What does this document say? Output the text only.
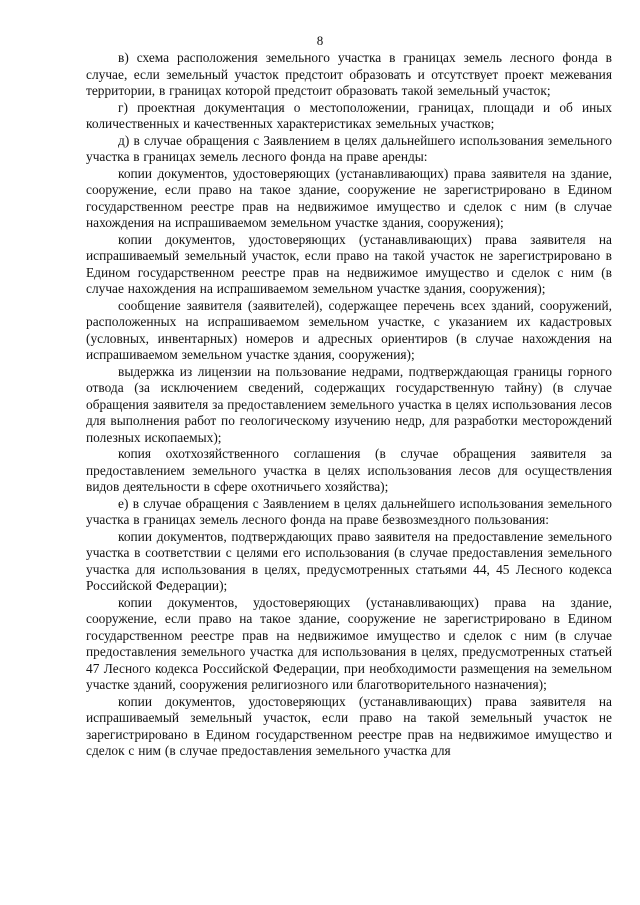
8

в) схема расположения земельного участка в границах земель лесного фонда в случае, если земельный участок предстоит образовать и отсутствует проект межевания территории, в границах которой предстоит образовать такой земельный участок;

г) проектная документация о местоположении, границах, площади и об иных количественных и качественных характеристиках земельных участков;

д) в случае обращения с Заявлением в целях дальнейшего использования земельного участка в границах земель лесного фонда на праве аренды:

копии документов, удостоверяющих (устанавливающих) права заявителя на здание, сооружение, если право на такое здание, сооружение не зарегистрировано в Едином государственном реестре прав на недвижимое имущество и сделок с ним (в случае нахождения на испрашиваемом земельном участке здания, сооружения);

копии документов, удостоверяющих (устанавливающих) права заявителя на испрашиваемый земельный участок, если право на такой участок не зарегистрировано в Едином государственном реестре прав на недвижимое имущество и сделок с ним (в случае нахождения на испрашиваемом земельном участке здания, сооружения);

сообщение заявителя (заявителей), содержащее перечень всех зданий, сооружений, расположенных на испрашиваемом земельном участке, с указанием их кадастровых (условных, инвентарных) номеров и адресных ориентиров (в случае нахождения на испрашиваемом земельном участке здания, сооружения);

выдержка из лицензии на пользование недрами, подтверждающая границы горного отвода (за исключением сведений, содержащих государственную тайну) (в случае обращения заявителя за предоставлением земельного участка в целях использования лесов для выполнения работ по геологическому изучению недр, для разработки месторождений полезных ископаемых);

копия охотхозяйственного соглашения (в случае обращения заявителя за предоставлением земельного участка в целях использования лесов для осуществления видов деятельности в сфере охотничьего хозяйства);

е) в случае обращения с Заявлением в целях дальнейшего использования земельного участка в границах земель лесного фонда на праве безвозмездного пользования:

копии документов, подтверждающих право заявителя на предоставление земельного участка в соответствии с целями его использования (в случае предоставления земельного участка для использования в целях, предусмотренных статьями 44, 45 Лесного кодекса Российской Федерации);

копии документов, удостоверяющих (устанавливающих) права на здание, сооружение, если право на такое здание, сооружение не зарегистрировано в Едином государственном реестре прав на недвижимое имущество и сделок с ним (в случае предоставления земельного участка для использования в целях, предусмотренных статьей 47 Лесного кодекса Российской Федерации, при необходимости размещения на земельном участке зданий, сооружения религиозного или благотворительного назначения);

копии документов, удостоверяющих (устанавливающих) права заявителя на испрашиваемый земельный участок, если право на такой земельный участок не зарегистрировано в Едином государственном реестре прав на недвижимое имущество и сделок с ним (в случае предоставления земельного участка для
